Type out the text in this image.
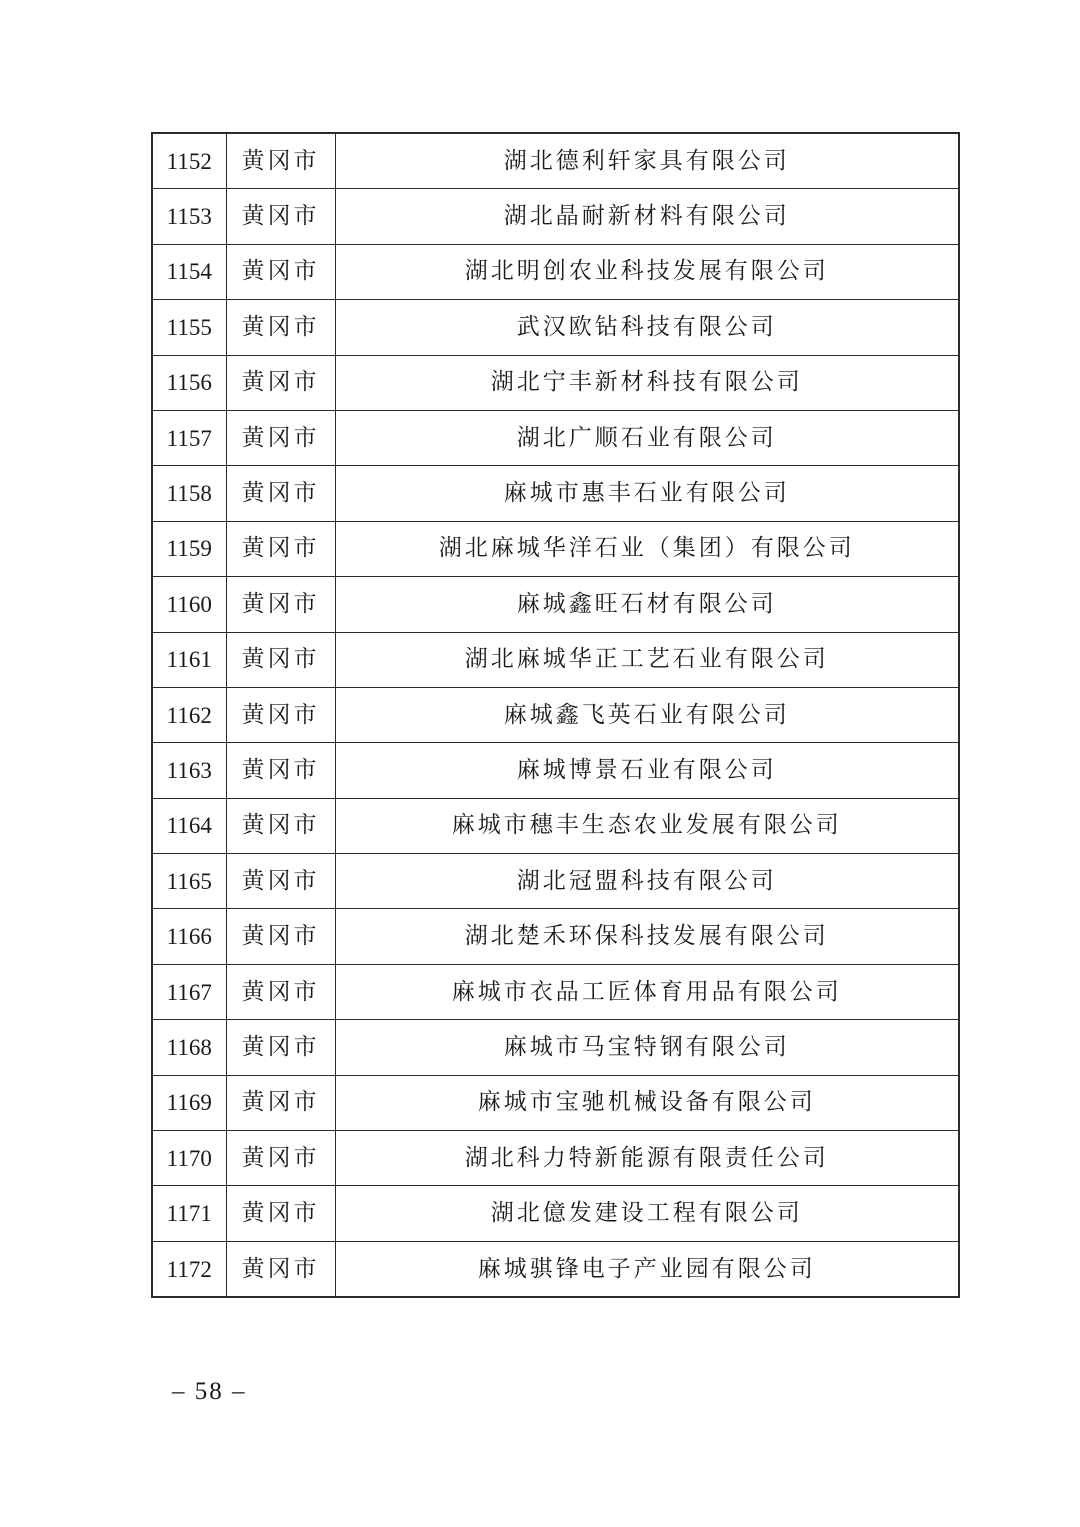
1152	黄冈市	湖北德利轩家具有限公司
1153	黄冈市	湖北晶耐新材料有限公司
1154	黄冈市	湖北明创农业科技发展有限公司
1155	黄冈市	武汉欧钻科技有限公司
1156	黄冈市	湖北宁丰新材科技有限公司
1157	黄冈市	湖北广顺石业有限公司
1158	黄冈市	麻城市惠丰石业有限公司
1159	黄冈市	湖北麻城华洋石业（集团）有限公司
1160	黄冈市	麻城鑫旺石材有限公司
1161	黄冈市	湖北麻城华正工艺石业有限公司
1162	黄冈市	麻城鑫飞英石业有限公司
1163	黄冈市	麻城博景石业有限公司
1164	黄冈市	麻城市穗丰生态农业发展有限公司
1165	黄冈市	湖北冠盟科技有限公司
1166	黄冈市	湖北楚禾环保科技发展有限公司
1167	黄冈市	麻城市衣品工匠体育用品有限公司
1168	黄冈市	麻城市马宝特钢有限公司
1169	黄冈市	麻城市宝驰机械设备有限公司
1170	黄冈市	湖北科力特新能源有限责任公司
1171	黄冈市	湖北億发建设工程有限公司
1172	黄冈市	麻城骐锋电子产业园有限公司
– 58 –
